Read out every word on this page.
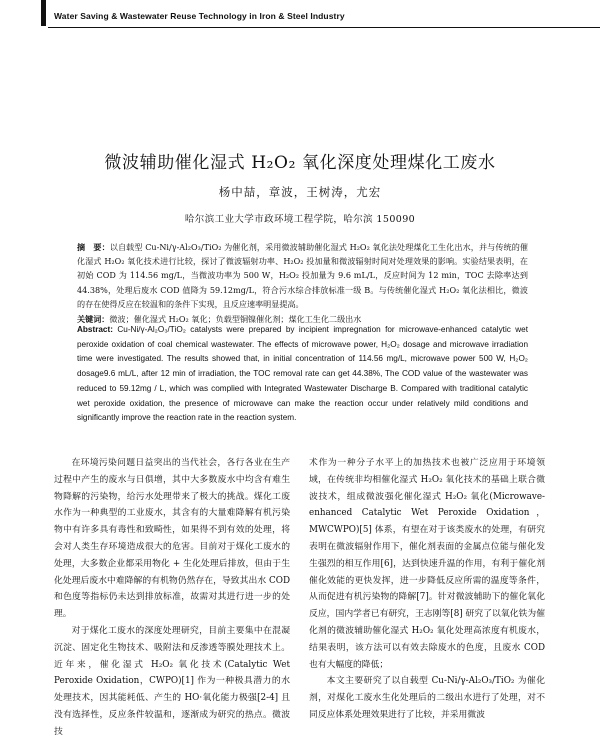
Water Saving & Wastewater Reuse Technology in Iron & Steel Industry
微波辅助催化湿式 H₂O₂ 氧化深度处理煤化工废水
杨中喆，章波，王树涛，尤宏
哈尔滨工业大学市政环境工程学院，哈尔滨 150090

摘　要：以自载型 Cu-Ni/γ-Al₂O₃/TiO₂ 为催化剂，采用微波辅助催化湿式 H₂O₂ 氧化法处理煤化工生化出水，并与传统的催化湿式 H₂O₂ 氧化技术进行比较，探讨了微波辐射功率、H₂O₂ 投加量和微波辐射时间对处理效果的影响。实验结果表明，在初始 COD 为 114.56 mg/L，当微波功率为 500 W，H₂O₂ 投加量为 9.6 mL/L，反应时间为 12 min，TOC 去除率达到 44.38%，处理后废水 COD 值降为 59.12mg/L，符合污水综合排放标准一级 B。与传统催化湿式 H₂O₂ 氧化法相比，微波的存在使得反应在较温和的条件下实现，且反应速率明显提高。

关键词：微波；催化湿式 H₂O₂ 氧化；负载型铜镍催化剂；煤化工生化二级出水

Abstract: Cu-Ni/γ-Al₂O₃/TiO₂ catalysts were prepared by incipient impregnation for microwave-enhanced catalytic wet peroxide oxidation of coal chemical wastewater. The effects of microwave power, H₂O₂ dosage and microwave irradiation time were investigated. The results showed that, in initial concentration of 114.56 mg/L, microwave power 500 W, H₂O₂ dosage9.6 mL/L, after 12 min of irradiation, the TOC removal rate can get 44.38%, The COD value of the wastewater was reduced to 59.12mg / L, which was complied with Integrated Wastewater Discharge B. Compared with traditional catalytic wet peroxide oxidation, the presence of microwave can make the reaction occur under relatively mild conditions and significantly improve the reaction rate in the reaction system.

在环境污染问题日益突出的当代社会，各行各业在生产过程中产生的废水与日俱增，其中大多数废水中均含有难生物降解的污染物，给污水处理带来了极大的挑战。煤化工废水作为一种典型的工业废水，其含有的大量难降解有机污染物中有许多具有毒性和致畸性，如果得不到有效的处理，将会对人类生存环境造成很大的危害。目前对于煤化工废水的处理，大多数企业都采用物化 + 生化处理后排放，但由于生化处理后废水中难降解的有机物仍然存在，导致其出水 COD 和色度等指标仍未达到排放标准，故需对其进行进一步的处理。

对于煤化工废水的深度处理研究，目前主要集中在混凝沉淀、固定化生物技术、吸附法和反渗透等膜处理技术上。近年来，催化湿式 H₂O₂ 氧化技术(Catalytic Wet Peroxide Oxidation，CWPO)[1] 作为一种极具潜力的水处理技术，因其能耗低、产生的 HO·氧化能力极强[2-4] 且没有选择性，反应条件较温和，逐渐成为研究的热点。微波技

术作为一种分子水平上的加热技术也被广泛应用于环境领域，在传统非均相催化湿式 H₂O₂ 氧化技术的基础上联合微波技术，组成微波强化催化湿式 H₂O₂ 氧化(Microwave-enhanced Catalytic Wet Peroxide Oxidation，MWCWPO)[5] 体系，有望在对于该类废水的处理，有研究表明在微波辐射作用下，催化剂表面的金属点位能与催化发生强烈的相互作用[6]，达到快速升温的作用，有利于催化剂催化效能的更快发挥，进一步降低反应所需的温度等条件，从而促进有机污染物的降解[7]。针对微波辅助下的催化氧化反应，国内学者已有研究，王志刚等[8] 研究了以氧化铁为催化剂的微波辅助催化湿式 H₂O₂ 氧化处理高浓度有机废水，结果表明，该方法可以有效去除废水的色度，且废水 COD 也有大幅度的降低；

本文主要研究了以自载型 Cu-Ni/γ-Al₂O₃/TiO₂ 为催化剂，对煤化工废水生化处理后的二级出水进行了处理，对不同反应体系处理效果进行了比较，并采用微波
